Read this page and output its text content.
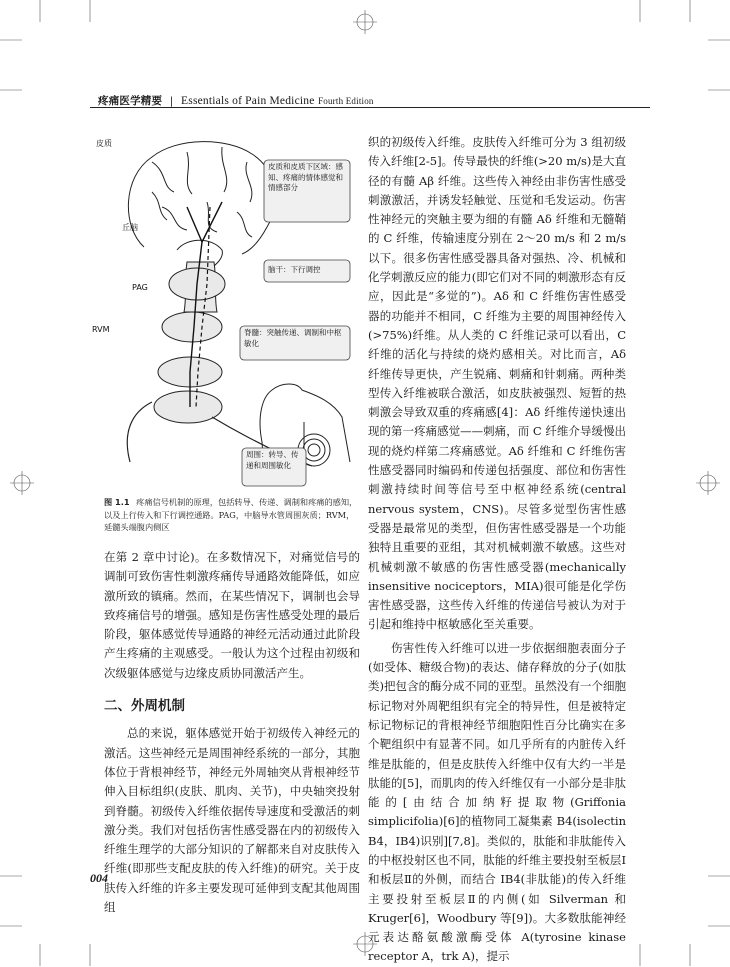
疼痛医学精要 | Essentials of Pain Medicine Fourth Edition
皮质
丘脑
PAG
RVM
皮质和皮质下区域：感知、疼痛的情体感觉和情感部分
脑干：下行调控
脊髓：突触传递、调制和中枢敏化
周围：转导、传递和周围敏化
图 1.1 疼痛信号机制的原理，包括转导、传递、调制和疼痛的感知，以及上行传入和下行调控通路。PAG，中脑导水管周围灰质；RVM，延髓头端腹内侧区

在第 2 章中讨论)。在多数情况下，对痛觉信号的调制可致伤害性刺激疼痛传导通路效能降低，如应激所致的镇痛。然而，在某些情况下，调制也会导致疼痛信号的增强。感知是伤害性感受处理的最后阶段，躯体感觉传导通路的神经元活动通过此阶段产生疼痛的主观感受。一般认为这个过程由初级和次级躯体感觉与边缘皮质协同激活产生。

二、外周机制

总的来说，躯体感觉开始于初级传入神经元的激活。这些神经元是周围神经系统的一部分，其胞体位于背根神经节，神经元外周轴突从背根神经节伸入目标组织(皮肤、肌肉、关节)，中央轴突投射到脊髓。初级传入纤维依据传导速度和受激活的刺激分类。我们对包括伤害性感受器在内的初级传入纤维生理学的大部分知识的了解都来自对皮肤传入纤维(即那些支配皮肤的传入纤维)的研究。关于皮肤传入纤维的许多主要发现可延伸到支配其他周围组

织的初级传入纤维。皮肤传入纤维可分为 3 组初级传入纤维[2-5]。传导最快的纤维(>20 m/s)是大直径的有髓 Aβ 纤维。这些传入神经由非伤害性感受刺激激活，并诱发轻触觉、压觉和毛发运动。伤害性神经元的突触主要为细的有髓 Aδ 纤维和无髓鞘的 C 纤维，传输速度分别在 2～20 m/s 和 2 m/s 以下。很多伤害性感受器具备对强热、冷、机械和化学刺激反应的能力(即它们对不同的刺激形态有反应，因此是“多觉的”)。Aδ 和 C 纤维伤害性感受器的功能并不相同，C 纤维为主要的周围神经传入(>75%)纤维。从人类的 C 纤维记录可以看出，C 纤维的活化与持续的烧灼感相关。对比而言，Aδ 纤维传导更快，产生锐痛、刺痛和针刺痛。两种类型传入纤维被联合激活，如皮肤被强烈、短暂的热刺激会导致双重的疼痛感[4]：Aδ 纤维传递快速出现的第一疼痛感觉——刺痛，而 C 纤维介导缓慢出现的烧灼样第二疼痛感觉。Aδ 纤维和 C 纤维伤害性感受器同时编码和传递包括强度、部位和伤害性刺激持续时间等信号至中枢神经系统(central nervous system，CNS)。尽管多觉型伤害性感受器是最常见的类型，但伤害性感受器是一个功能独特且重要的亚组，其对机械刺激不敏感。这些对机械刺激不敏感的伤害性感受器(mechanically insensitive nociceptors，MIA)很可能是化学伤害性感受器，这些传入纤维的传递信号被认为对于引起和维持中枢敏感化至关重要。

伤害性传入纤维可以进一步依据细胞表面分子(如受体、糖级合物)的表达、储存释放的分子(如肽类)把包含的酶分成不同的亚型。虽然没有一个细胞标记物对外周靶组织有完全的特异性，但是被特定标记物标记的背根神经节细胞阳性百分比确实在多个靶组织中有显著不同。如几乎所有的内脏传入纤维是肽能的，但是皮肤传入纤维中仅有大约一半是肽能的[5]，而肌肉的传入纤维仅有一小部分是非肽能的[由结合加纳籽提取物(Griffonia simplicifolia)[6]的植物同工凝集素 B4(isolectin B4，IB4)识别][7,8]。类似的，肽能和非肽能传入的中枢投射区也不同，肽能的纤维主要投射至板层Ⅰ和板层Ⅱ的外侧，而结合 IB4(非肽能)的传入纤维主要投射至板层Ⅱ的内侧(如 Silverman 和 Kruger[6]，Woodbury 等[9])。大多数肽能神经元表达酪氨酸激酶受体 A(tyrosine kinase receptor A，trk A)，提示

004
